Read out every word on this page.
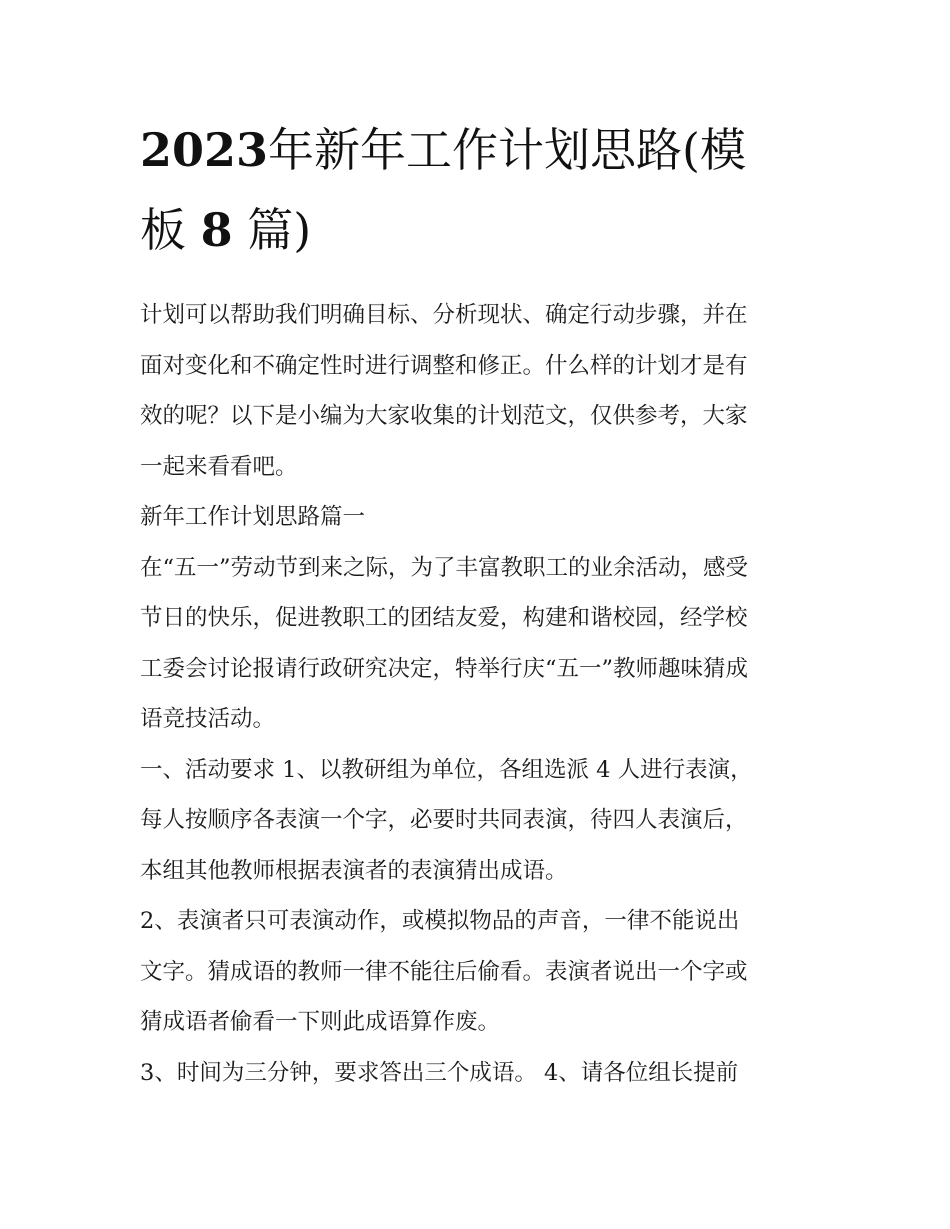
2023年新年工作计划思路(模
板 8 篇)

计划可以帮助我们明确目标、分析现状、确定行动步骤，并在
面对变化和不确定性时进行调整和修正。什么样的计划才是有
效的呢？以下是小编为大家收集的计划范文，仅供参考，大家
一起来看看吧。

新年工作计划思路篇一

在“五一”劳动节到来之际，为了丰富教职工的业余活动，感受
节日的快乐，促进教职工的团结友爱，构建和谐校园，经学校
工委会讨论报请行政研究决定，特举行庆“五一”教师趣味猜成
语竞技活动。

一、活动要求 1、以教研组为单位，各组选派 4 人进行表演，
每人按顺序各表演一个字，必要时共同表演，待四人表演后，
本组其他教师根据表演者的表演猜出成语。

2、表演者只可表演动作，或模拟物品的声音，一律不能说出
文字。猜成语的教师一律不能往后偷看。表演者说出一个字或
猜成语者偷看一下则此成语算作废。

3、时间为三分钟，要求答出三个成语。 4、请各位组长提前
